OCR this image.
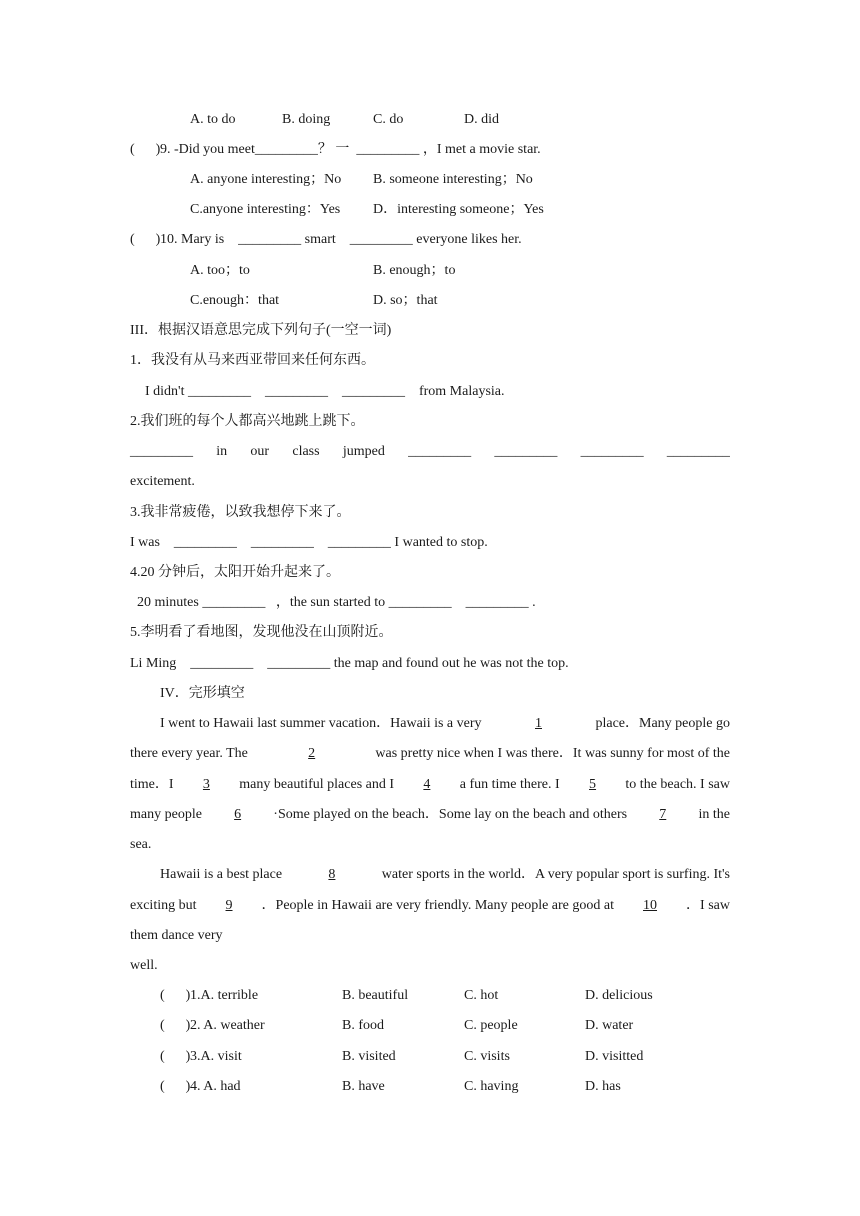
A. to do	B. doing	C. do	D. did
(      ) 9. -Did you meet_________？ 一  _________ ，I met a movie star.
A. anyone interesting；No B. someone interesting；No
C.anyone interesting：Yes D．interesting someone；Yes
(      ) 10. Mary is    _________ smart    _________ everyone likes her.
A. too；to	B. enough；to
C.enough：that	D. so；that
III．根据汉语意思完成下列句子(一空一词)
1．我没有从马来西亚带回来任何东西。
I didn't _________    _________    _________    from Malaysia.
2.我们班的每个人都高兴地跳上跳下。
_________ in our class jumped _________ _________ _________ _________
excitement.
3.我非常疲倦，以致我想停下来了。
I was    _________    _________    _________ I wanted to stop.
4.20 分钟后，太阳开始升起来了。
20 minutes _________   ，the sun started to _________    _________ .
5.李明看了看地图，发现他没在山顶附近。
Li Ming    _________    _________ the map and found out he was not the top.
IV．完形填空
I went to Hawaii last summer vacation．Hawaii is a very	1	place．Many people go
there every year. The	2	was pretty nice when I was there．It was sunny for most of the
time．I 3 many beautiful places and I 4 a fun time there. I 5 to the beach. I saw
many people 6 ·Some played on the beach．Some lay on the beach and others 7 in the
sea.
Hawaii is a best place	8	water sports in the world．A very popular sport is surfing. It's
exciting but 9 ．People in Hawaii are very friendly. Many people are good at 10 ．I saw
them dance very
well.
(      ) 1.A. terrible	B. beautiful	C. hot	D. delicious
(      ) 2. A. weather	B. food	C. people	D. water
(      ) 3.A. visit	B. visited	C. visits	D. visitted
(      ) 4. A. had	B. have	C. having	D. has
